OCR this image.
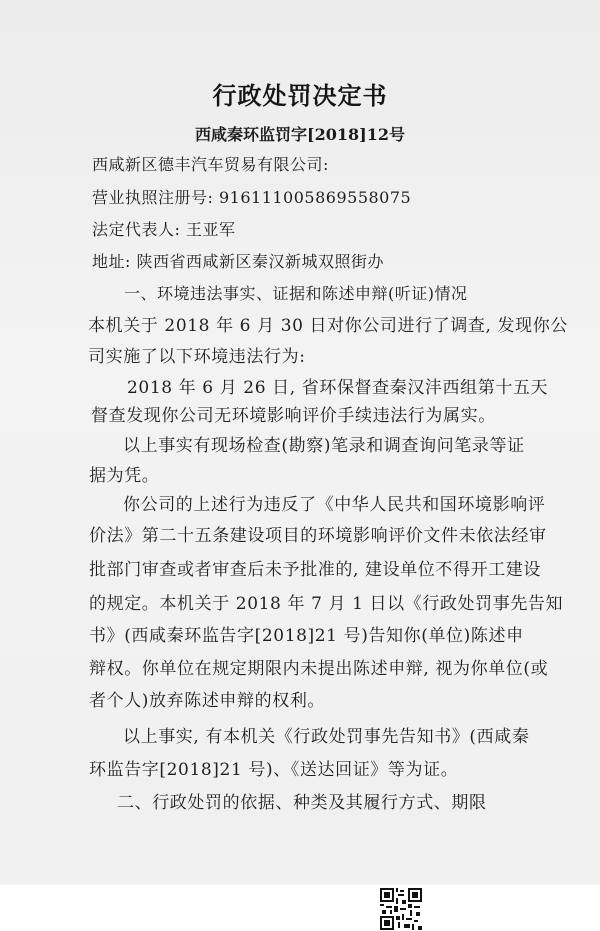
行政处罚决定书
西咸秦环监罚字[2018]12号
西咸新区德丰汽车贸易有限公司:
营业执照注册号: 916111005869558075
法定代表人: 王亚军
地址: 陕西省西咸新区秦汉新城双照街办
一、环境违法事实、证据和陈述申辩(听证)情况
本机关于 2018 年 6 月 30 日对你公司进行了调查, 发现你公
司实施了以下环境违法行为:
2018 年 6 月 26 日, 省环保督查秦汉沣西组第十五天
督查发现你公司无环境影响评价手续违法行为属实。
以上事实有现场检查(勘察)笔录和调查询问笔录等证
据为凭。
你公司的上述行为违反了《中华人民共和国环境影响评
价法》第二十五条建设项目的环境影响评价文件未依法经审
批部门审查或者审查后未予批准的, 建设单位不得开工建设
的规定。本机关于 2018 年 7 月 1 日以《行政处罚事先告知
书》(西咸秦环监告字[2018]21 号)告知你(单位)陈述申
辩权。你单位在规定期限内未提出陈述申辩, 视为你单位(或
者个人)放弃陈述申辩的权利。
以上事实, 有本机关《行政处罚事先告知书》(西咸秦
环监告字[2018]21 号)、《送达回证》等为证。
二、行政处罚的依据、种类及其履行方式、期限
